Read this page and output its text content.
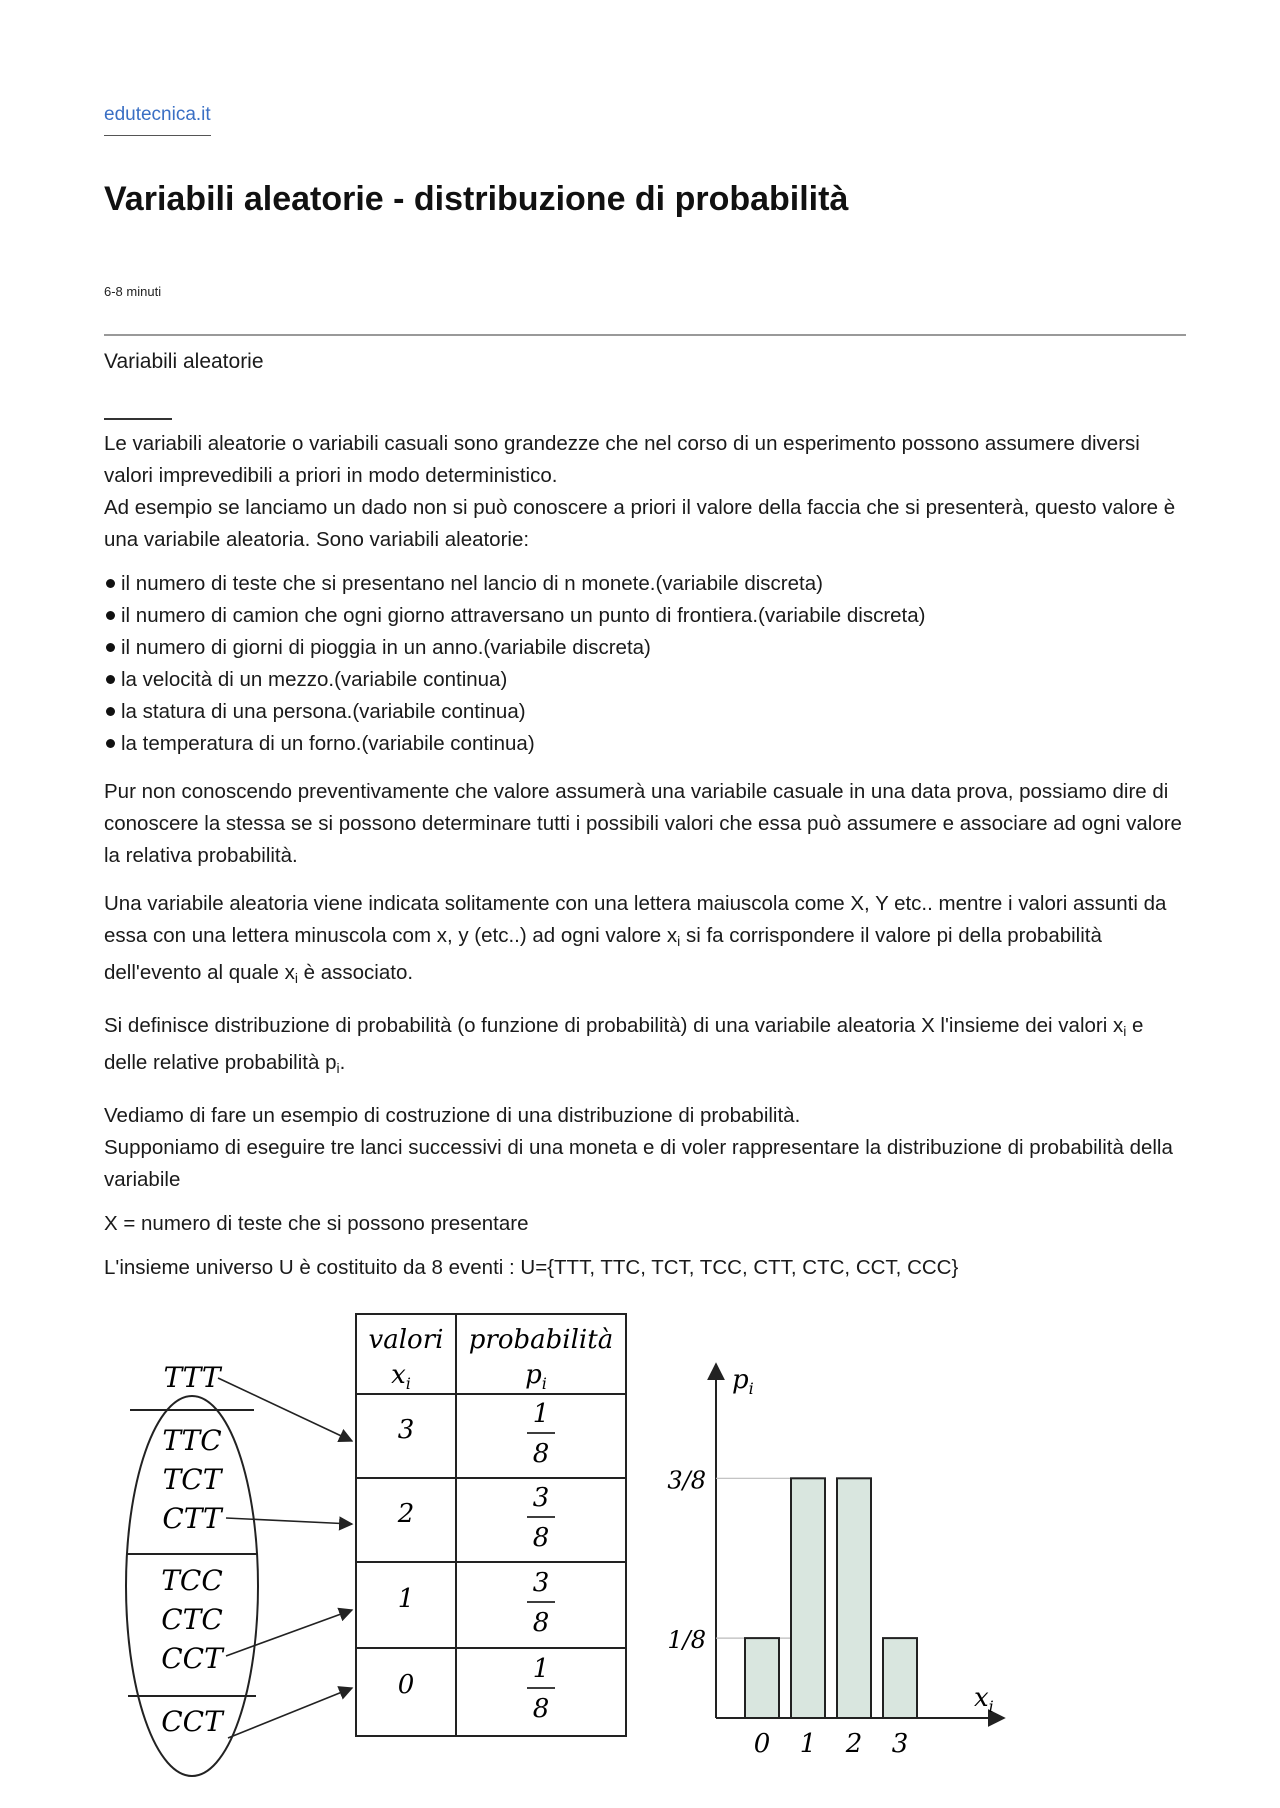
edutecnica.it
Variabili aleatorie - distribuzione di probabilità
6-8 minuti
Variabili aleatorie

Le variabili aleatorie o variabili casuali sono grandezze che nel corso di un esperimento possono assumere diversi valori imprevedibili a priori in modo deterministico.
Ad esempio se lanciamo un dado non si può conoscere a priori il valore della faccia che si presenterà, questo valore è una variabile aleatoria. Sono variabili aleatorie:

il numero di teste che si presentano nel lancio di n monete.(variabile discreta)
il numero di camion che ogni giorno attraversano un punto di frontiera.(variabile discreta)
il numero di giorni di pioggia in un anno.(variabile discreta)
la velocità di un mezzo.(variabile continua)
la statura di una persona.(variabile continua)
la temperatura di un forno.(variabile continua)

Pur non conoscendo preventivamente che valore assumerà una variabile casuale in una data prova, possiamo dire di conoscere la stessa se si possono determinare tutti i possibili valori che essa può assumere e associare ad ogni valore la relativa probabilità.

Una variabile aleatoria viene indicata solitamente con una lettera maiuscola come X, Y etc.. mentre i valori assunti da essa con una lettera minuscola com x, y (etc..) ad ogni valore $x_i$ si fa corrispondere il valore pi della probabilità dell'evento al quale $x_i$ è associato.

Si definisce distribuzione di probabilità (o funzione di probabilità) di una variabile aleatoria X l'insieme dei valori $x_i$ e delle relative probabilità $p_i$.

Vediamo di fare un esempio di costruzione di una distribuzione di probabilità.
Supponiamo di eseguire tre lanci successivi di una moneta e di voler rappresentare la distribuzione di probabilità della variabile

X = numero di teste che si possono presentare

L'insieme universo U è costituito da 8 eventi : U={TTT, TTC, TCT, TCC, CTT, CTC, CCT, CCC}

TTT
TTC
TCT
CTT
TCC
CTC
CCT
CCT
valori
$x_i$
probabilità
$p_i$
3
1
8
2
3
8
1
3
8
0
1
8
$p_i$
$x_i$
0 1 2 3
1/8
3/8
